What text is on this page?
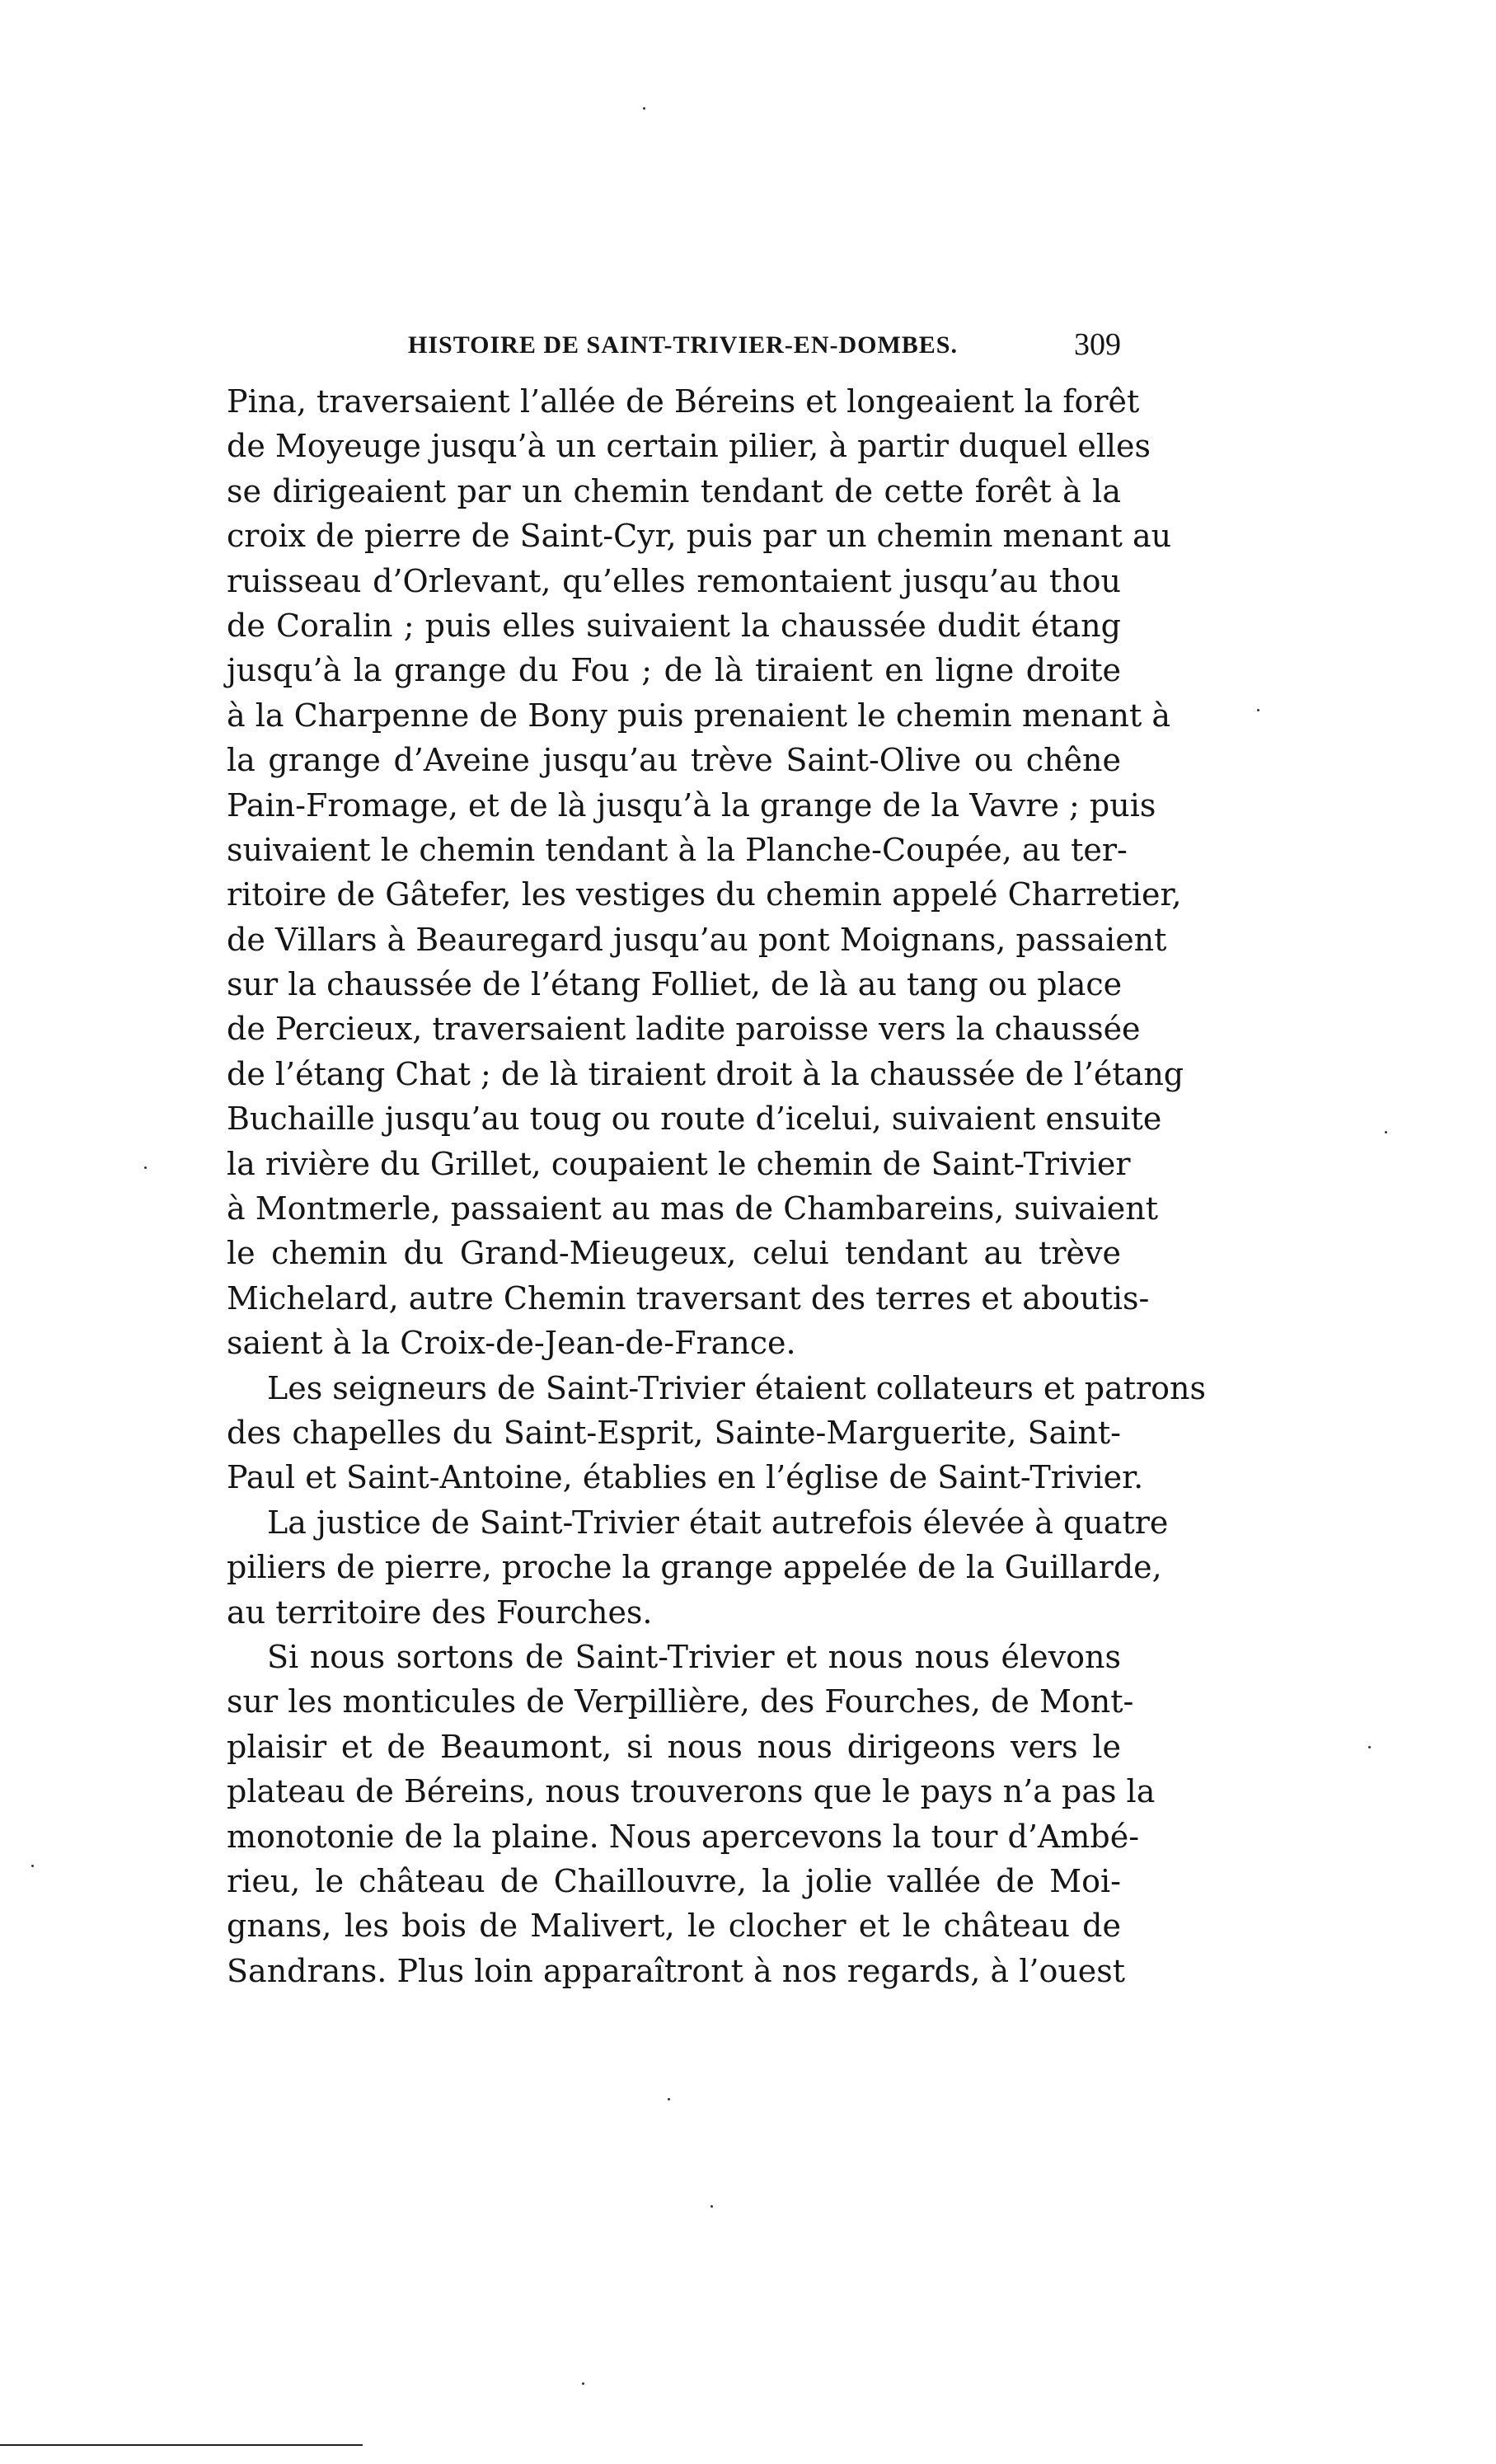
HISTOIRE DE SAINT-TRIVIER-EN-DOMBES.	309
Pina, traversaient l’allée de Béreins et longeaient la forêt
de Moyeuge jusqu’à un certain pilier, à partir duquel elles
se dirigeaient par un chemin tendant de cette forêt à la
croix de pierre de Saint-Cyr, puis par un chemin menant au
ruisseau d’Orlevant, qu’elles remontaient jusqu’au thou
de Coralin ; puis elles suivaient la chaussée dudit étang
jusqu’à la grange du Fou ; de là tiraient en ligne droite
à la Charpenne de Bony puis prenaient le chemin menant à
la grange d’Aveine jusqu’au trève Saint-Olive ou chêne
Pain-Fromage, et de là jusqu’à la grange de la Vavre ; puis
suivaient le chemin tendant à la Planche-Coupée, au ter-
ritoire de Gâtefer, les vestiges du chemin appelé Charretier,
de Villars à Beauregard jusqu’au pont Moignans, passaient
sur la chaussée de l’étang Folliet, de là au tang ou place
de Percieux, traversaient ladite paroisse vers la chaussée
de l’étang Chat ; de là tiraient droit à la chaussée de l’étang
Buchaille jusqu’au toug ou route d’icelui, suivaient ensuite
la rivière du Grillet, coupaient le chemin de Saint-Trivier
à Montmerle, passaient au mas de Chambareins, suivaient
le chemin du Grand-Mieugeux, celui tendant au trève
Michelard, autre Chemin traversant des terres et aboutis-
saient à la Croix-de-Jean-de-France.
Les seigneurs de Saint-Trivier étaient collateurs et patrons
des chapelles du Saint-Esprit, Sainte-Marguerite, Saint-
Paul et Saint-Antoine, établies en l’église de Saint-Trivier.
La justice de Saint-Trivier était autrefois élevée à quatre
piliers de pierre, proche la grange appelée de la Guillarde,
au territoire des Fourches.
Si nous sortons de Saint-Trivier et nous nous élevons
sur les monticules de Verpillière, des Fourches, de Mont-
plaisir et de Beaumont, si nous nous dirigeons vers le
plateau de Béreins, nous trouverons que le pays n’a pas la
monotonie de la plaine. Nous apercevons la tour d’Ambé-
rieu, le château de Chaillouvre, la jolie vallée de Moi-
gnans, les bois de Malivert, le clocher et le château de
Sandrans. Plus loin apparaîtront à nos regards, à l’ouest
